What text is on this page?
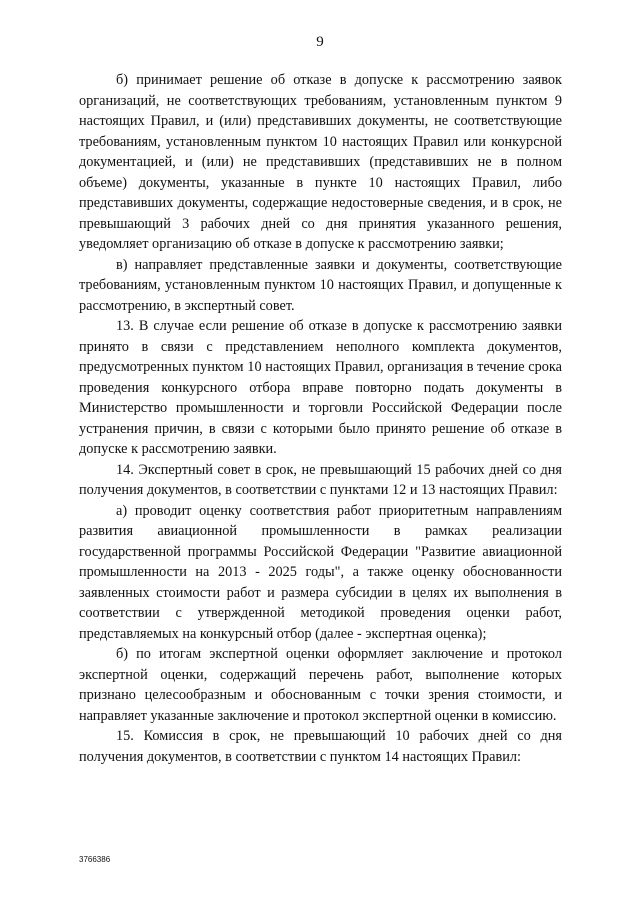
9

б) принимает решение об отказе в допуске к рассмотрению заявок организаций, не соответствующих требованиям, установленным пунктом 9 настоящих Правил, и (или) представивших документы, не соответствующие требованиям, установленным пунктом 10 настоящих Правил или конкурсной документацией, и (или) не представивших (представивших не в полном объеме) документы, указанные в пункте 10 настоящих Правил, либо представивших документы, содержащие недостоверные сведения, и в срок, не превышающий 3 рабочих дней со дня принятия указанного решения, уведомляет организацию об отказе в допуске к рассмотрению заявки;

в) направляет представленные заявки и документы, соответствующие требованиям, установленным пунктом 10 настоящих Правил, и допущенные к рассмотрению, в экспертный совет.

13. В случае если решение об отказе в допуске к рассмотрению заявки принято в связи с представлением неполного комплекта документов, предусмотренных пунктом 10 настоящих Правил, организация в течение срока проведения конкурсного отбора вправе повторно подать документы в Министерство промышленности и торговли Российской Федерации после устранения причин, в связи с которыми было принято решение об отказе в допуске к рассмотрению заявки.

14. Экспертный совет в срок, не превышающий 15 рабочих дней со дня получения документов, в соответствии с пунктами 12 и 13 настоящих Правил:

а) проводит оценку соответствия работ приоритетным направлениям развития авиационной промышленности в рамках реализации государственной программы Российской Федерации "Развитие авиационной промышленности на 2013 - 2025 годы", а также оценку обоснованности заявленных стоимости работ и размера субсидии в целях их выполнения в соответствии с утвержденной методикой проведения оценки работ, представляемых на конкурсный отбор (далее - экспертная оценка);

б) по итогам экспертной оценки оформляет заключение и протокол экспертной оценки, содержащий перечень работ, выполнение которых признано целесообразным и обоснованным с точки зрения стоимости, и направляет указанные заключение и протокол экспертной оценки в комиссию.

15. Комиссия в срок, не превышающий 10 рабочих дней со дня получения документов, в соответствии с пунктом 14 настоящих Правил:

3766386
